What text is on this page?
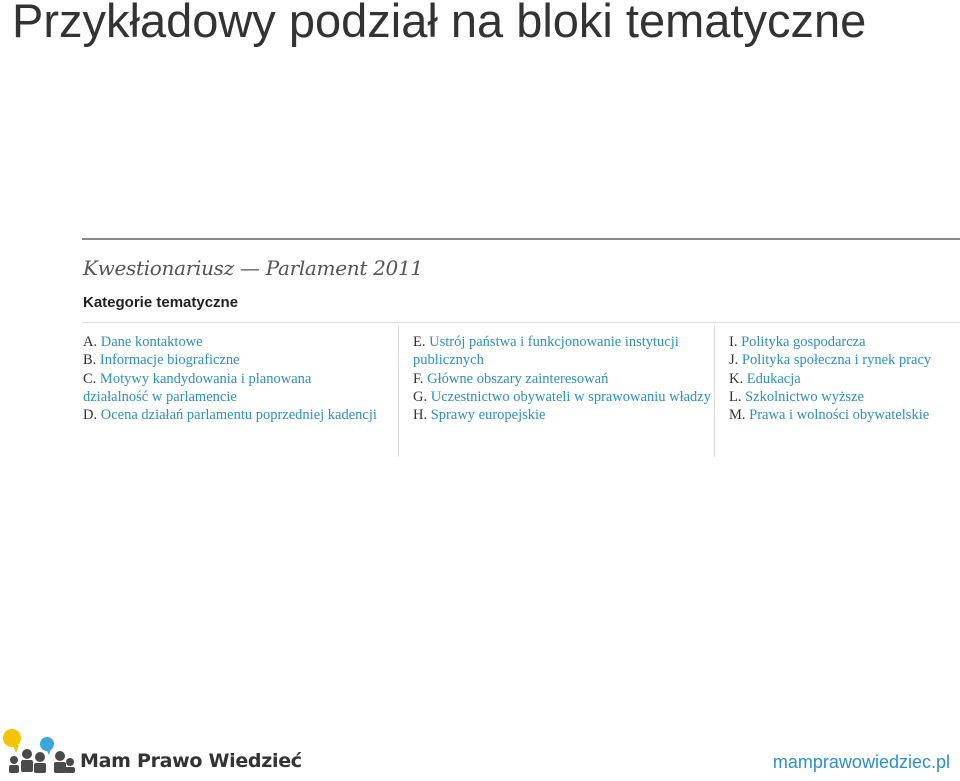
Przykładowy podział na bloki tematyczne
Kwestionariusz — Parlament 2011
Kategorie tematyczne

A. Dane kontaktowe

B. Informacje biograficzne

C. Motywy kandydowania i planowana działalność w parlamencie

D. Ocena działań parlamentu poprzedniej kadencji

E. Ustrój państwa i funkcjonowanie instytucji publicznych

F. Główne obszary zainteresowań

G. Uczestnictwo obywateli w sprawowaniu władzy

H. Sprawy europejskie

I. Polityka gospodarcza

J. Polityka społeczna i rynek pracy

K. Edukacja

L. Szkolnictwo wyższe

M. Prawa i wolności obywatelskie

Mam Prawo Wiedzieć	mamprawowiedziec.pl
